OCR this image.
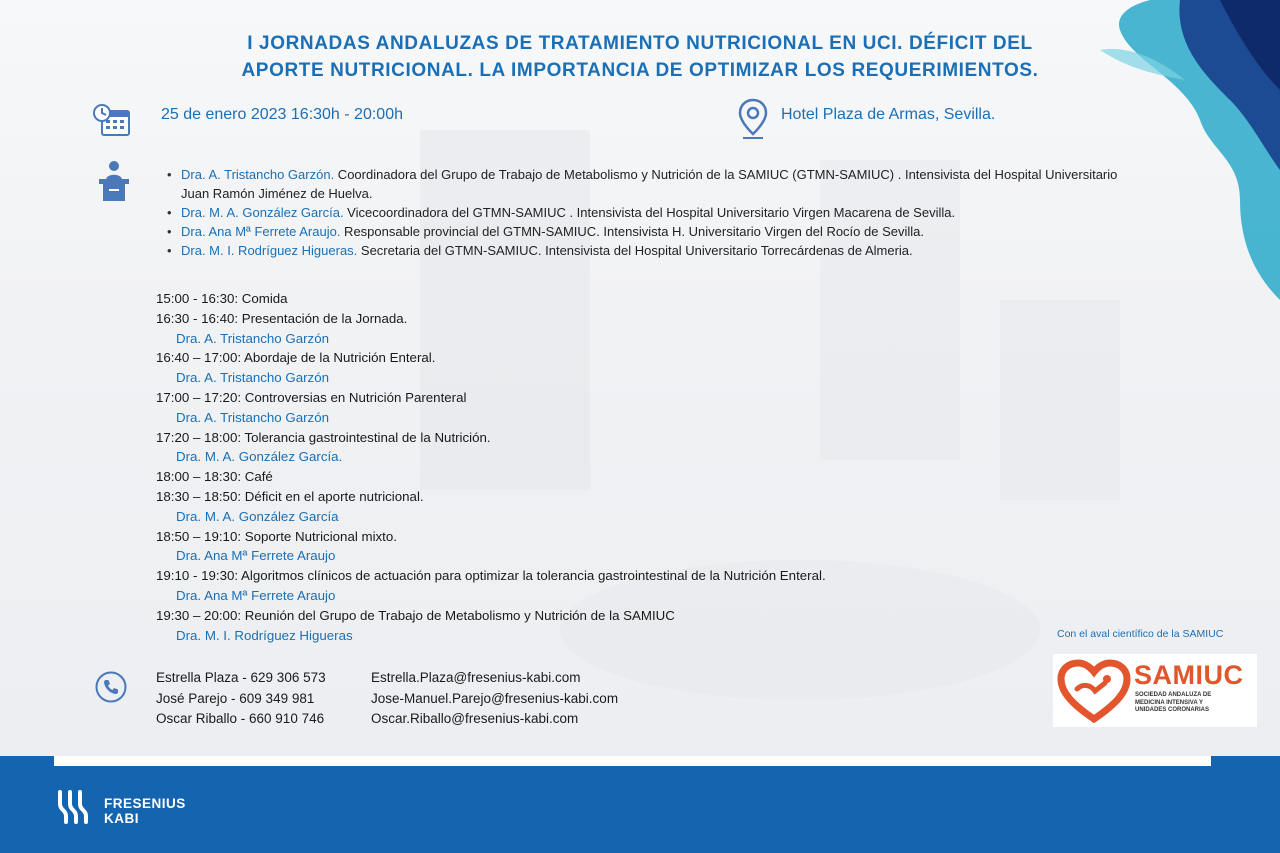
I JORNADAS ANDALUZAS DE TRATAMIENTO NUTRICIONAL EN UCI. DÉFICIT DEL
APORTE NUTRICIONAL. LA IMPORTANCIA DE OPTIMIZAR LOS REQUERIMIENTOS.
25 de enero 2023 16:30h - 20:00h	Hotel Plaza de Armas, Sevilla.
• Dra. A. Tristancho Garzón. Coordinadora del Grupo de Trabajo de Metabolismo y Nutrición de la SAMIUC (GTMN-SAMIUC) . Intensivista del Hospital Universitario Juan Ramón Jiménez de Huelva.
• Dra. M. A. González García. Vicecoordinadora del GTMN-SAMIUC . Intensivista del Hospital Universitario Virgen Macarena de Sevilla.
• Dra. Ana Mª Ferrete Araujo. Responsable provincial del GTMN-SAMIUC. Intensivista H. Universitario Virgen del Rocío de Sevilla.
• Dra. M. I. Rodríguez Higueras. Secretaria del GTMN-SAMIUC. Intensivista del Hospital Universitario Torrecárdenas de Almeria.
15:00 - 16:30: Comida
16:30 - 16:40: Presentación de la Jornada.
Dra. A. Tristancho Garzón
16:40 – 17:00: Abordaje de la Nutrición Enteral.
Dra. A. Tristancho Garzón
17:00 – 17:20: Controversias en Nutrición Parenteral
Dra. A. Tristancho Garzón
17:20 – 18:00: Tolerancia gastrointestinal de la Nutrición.
Dra. M. A. González García.
18:00 – 18:30: Café
18:30 – 18:50: Déficit en el aporte nutricional.
Dra. M. A. González García
18:50 – 19:10: Soporte Nutricional mixto.
Dra. Ana Mª Ferrete Araujo
19:10 - 19:30: Algoritmos clínicos de actuación para optimizar la tolerancia gastrointestinal de la Nutrición Enteral.
Dra. Ana Mª Ferrete Araujo
19:30 – 20:00: Reunión del Grupo de Trabajo de Metabolismo y Nutrición de la SAMIUC
Dra. M. I. Rodríguez Higueras
Estrella Plaza - 629 306 573	Estrella.Plaza@fresenius-kabi.com
José Parejo - 609 349 981	Jose-Manuel.Parejo@fresenius-kabi.com
Oscar Riballo - 660 910 746	Oscar.Riballo@fresenius-kabi.com
Con el aval científico de la SAMIUC
SAMIUC
SOCIEDAD ANDALUZA DE
MEDICINA INTENSIVA Y
UNIDADES CORONARIAS
FRESENIUS
KABI
